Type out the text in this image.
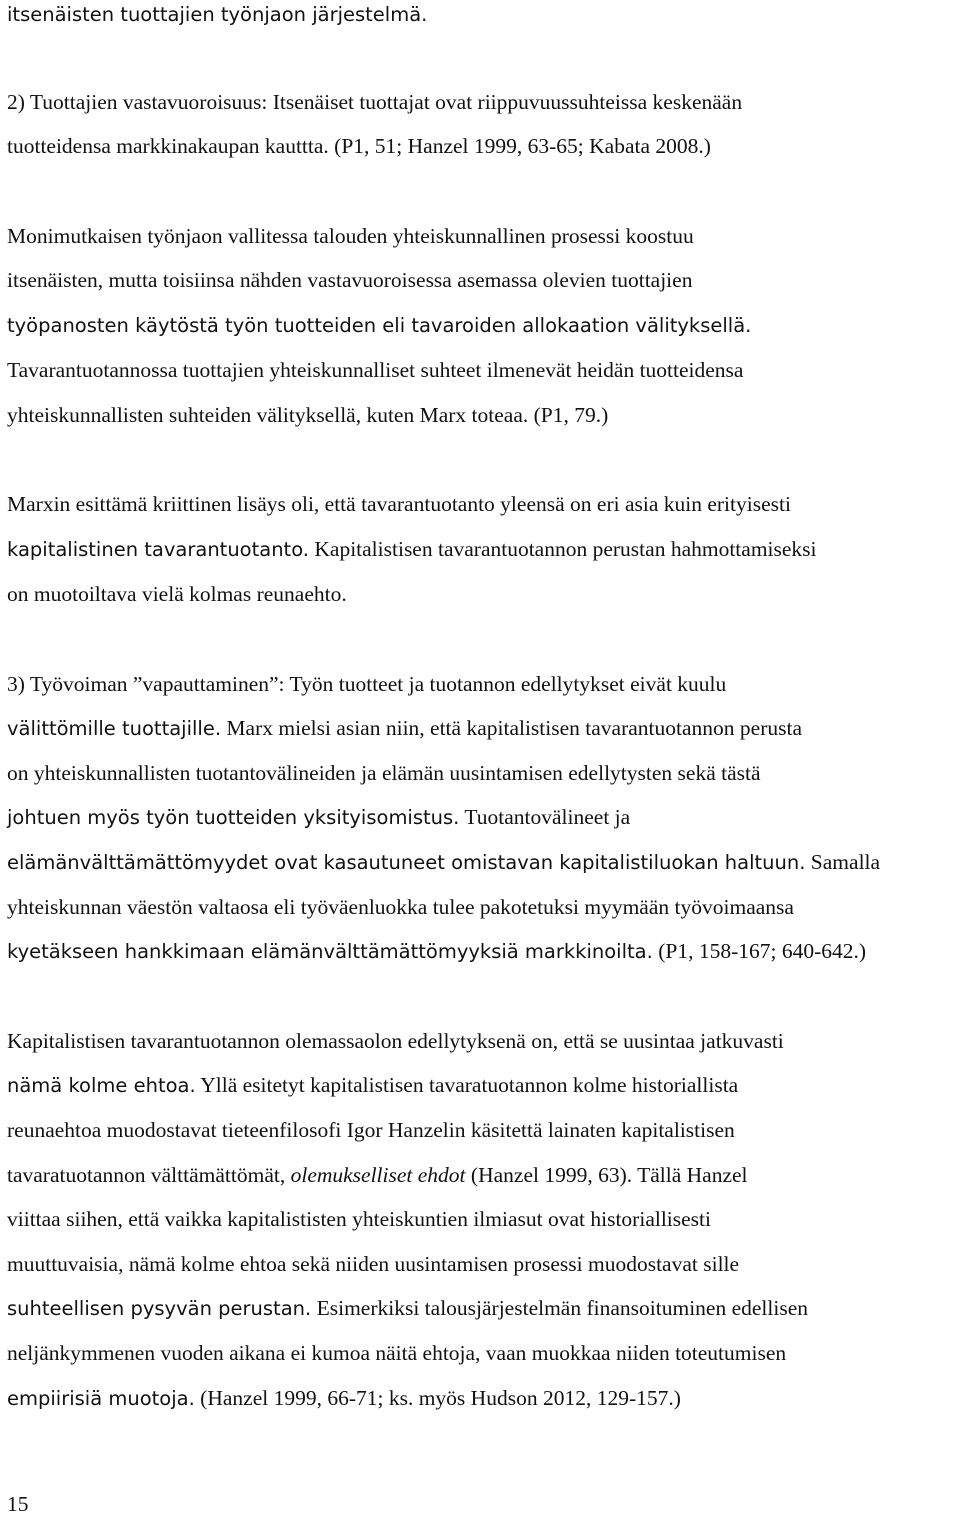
itsenäisten tuottajien työnjaon järjestelmä.
2) Tuottajien vastavuoroisuus: Itsenäiset tuottajat ovat riippuvuussuhteissa keskenään
tuotteidensa markkinakaupan kauttta. (P1, 51; Hanzel 1999, 63-65; Kabata 2008.)
Monimutkaisen työnjaon vallitessa talouden yhteiskunnallinen prosessi koostuu
itsenäisten, mutta toisiinsa nähden vastavuoroisessa asemassa olevien tuottajien
työpanosten käytöstä työn tuotteiden eli tavaroiden allokaation välityksellä.
Tavarantuotannossa tuottajien yhteiskunnalliset suhteet ilmenevät heidän tuotteidensa
yhteiskunnallisten suhteiden välityksellä, kuten Marx toteaa. (P1, 79.)
Marxin esittämä kriittinen lisäys oli, että tavarantuotanto yleensä on eri asia kuin erityisesti
kapitalistinen tavarantuotanto. Kapitalistisen tavarantuotannon perustan hahmottamiseksi
on muotoiltava vielä kolmas reunaehto.
3) Työvoiman ”vapauttaminen”: Työn tuotteet ja tuotannon edellytykset eivät kuulu
välittömille tuottajille. Marx mielsi asian niin, että kapitalistisen tavarantuotannon perusta
on yhteiskunnallisten tuotantovälineiden ja elämän uusintamisen edellytysten sekä tästä
johtuen myös työn tuotteiden yksityisomistus. Tuotantovälineet ja
elämänvälttämättömyydet ovat kasautuneet omistavan kapitalistiluokan haltuun. Samalla
yhteiskunnan väestön valtaosa eli työväenluokka tulee pakotetuksi myymään työvoimaansa
kyetäkseen hankkimaan elämänvälttämättömyyksiä markkinoilta. (P1, 158-167; 640-642.)
Kapitalistisen tavarantuotannon olemassaolon edellytyksenä on, että se uusintaa jatkuvasti
nämä kolme ehtoa. Yllä esitetyt kapitalistisen tavaratuotannon kolme historiallista
reunaehtoa muodostavat tieteenfilosofi Igor Hanzelin käsitettä lainaten kapitalistisen
tavaratuotannon välttämättömät, olemukselliset ehdot (Hanzel 1999, 63). Tällä Hanzel
viittaa siihen, että vaikka kapitalististen yhteiskuntien ilmiasut ovat historiallisesti
muuttuvaisia, nämä kolme ehtoa sekä niiden uusintamisen prosessi muodostavat sille
suhteellisen pysyvän perustan. Esimerkiksi talousjärjestelmän finansoituminen edellisen
neljänkymmenen vuoden aikana ei kumoa näitä ehtoja, vaan muokkaa niiden toteutumisen
empiirisiä muotoja. (Hanzel 1999, 66-71; ks. myös Hudson 2012, 129-157.)
15
